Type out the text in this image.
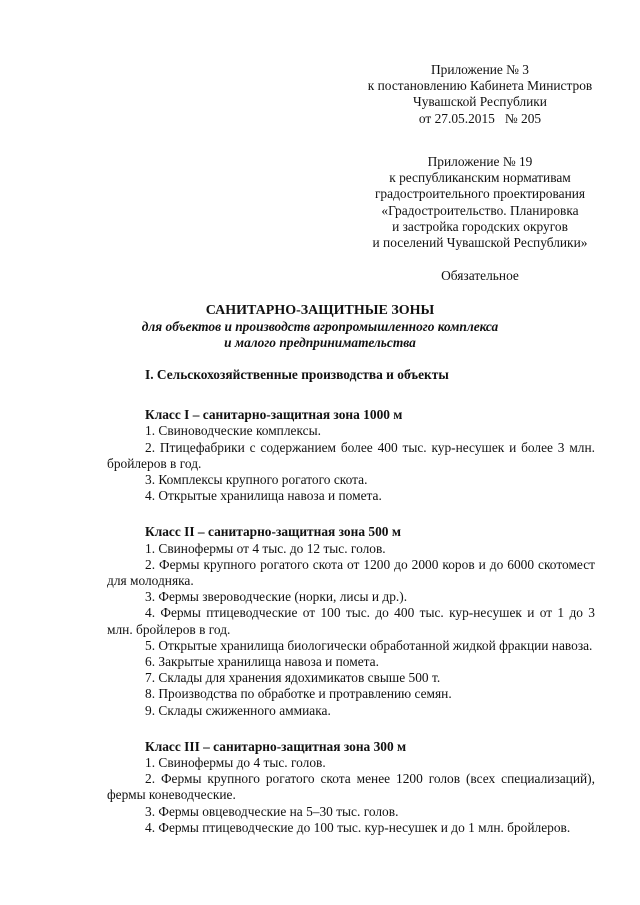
Приложение № 3
к постановлению Кабинета Министров
Чувашской Республики
от 27.05.2015   № 205
Приложение № 19
к республиканским нормативам
градостроительного проектирования
«Градостроительство. Планировка
и застройка городских округов
и поселений Чувашской Республики»
Обязательное
САНИТАРНО-ЗАЩИТНЫЕ ЗОНЫ
для объектов и производств агропромышленного комплекса
и малого предпринимательства
I. Сельскохозяйственные производства и объекты
Класс I – санитарно-защитная зона 1000 м
1. Свиноводческие комплексы.
2. Птицефабрики с содержанием более 400 тыс. кур-несушек и более 3 млн. бройлеров в год.
3. Комплексы крупного рогатого скота.
4. Открытые хранилища навоза и помета.
Класс II – санитарно-защитная зона 500 м
1. Свинофермы от 4 тыс. до 12 тыс. голов.
2. Фермы крупного рогатого скота от 1200 до 2000 коров и до 6000 скотомест для молодняка.
3. Фермы звероводческие (норки, лисы и др.).
4. Фермы птицеводческие от 100 тыс. до 400 тыс. кур-несушек и от 1 до 3 млн. бройлеров в год.
5. Открытые хранилища биологически обработанной жидкой фракции навоза.
6. Закрытые хранилища навоза и помета.
7. Склады для хранения ядохимикатов свыше 500 т.
8. Производства по обработке и протравлению семян.
9. Склады сжиженного аммиака.
Класс III – санитарно-защитная зона 300 м
1. Свинофермы до 4 тыс. голов.
2. Фермы крупного рогатого скота менее 1200 голов (всех специализаций), фермы коневодческие.
3. Фермы овцеводческие на 5–30 тыс. голов.
4. Фермы птицеводческие до 100 тыс. кур-несушек и до 1 млн. бройлеров.
